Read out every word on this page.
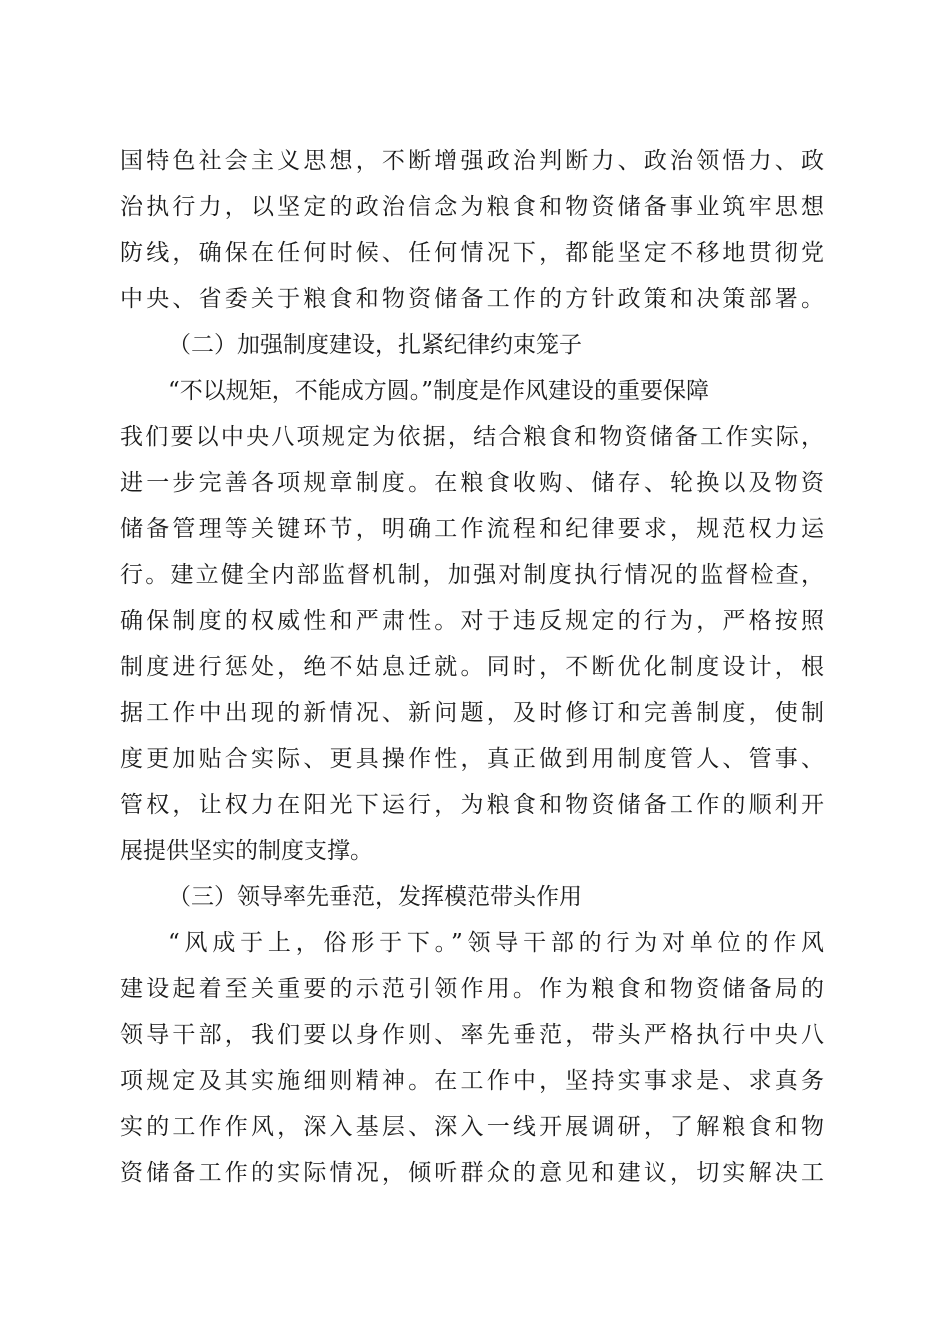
国特色社会主义思想，不断增强政治判断力、政治领悟力、政
治执行力，以坚定的政治信念为粮食和物资储备事业筑牢思想
防线，确保在任何时候、任何情况下，都能坚定不移地贯彻党
中央、省委关于粮食和物资储备工作的方针政策和决策部署。
（二）加强制度建设，扎紧纪律约束笼子
“不以规矩，不能成方圆。”制度是作风建设的重要保障
我们要以中央八项规定为依据，结合粮食和物资储备工作实际，
进一步完善各项规章制度。在粮食收购、储存、轮换以及物资
储备管理等关键环节，明确工作流程和纪律要求，规范权力运
行。建立健全内部监督机制，加强对制度执行情况的监督检查，
确保制度的权威性和严肃性。对于违反规定的行为，严格按照
制度进行惩处，绝不姑息迁就。同时，不断优化制度设计，根
据工作中出现的新情况、新问题，及时修订和完善制度，使制
度更加贴合实际、更具操作性，真正做到用制度管人、管事、
管权，让权力在阳光下运行，为粮食和物资储备工作的顺利开
展提供坚实的制度支撑。
（三）领导率先垂范，发挥模范带头作用
“风成于上，俗形于下。”领导干部的行为对单位的作风
建设起着至关重要的示范引领作用。作为粮食和物资储备局的
领导干部，我们要以身作则、率先垂范，带头严格执行中央八
项规定及其实施细则精神。在工作中，坚持实事求是、求真务
实的工作作风，深入基层、深入一线开展调研，了解粮食和物
资储备工作的实际情况，倾听群众的意见和建议，切实解决工
